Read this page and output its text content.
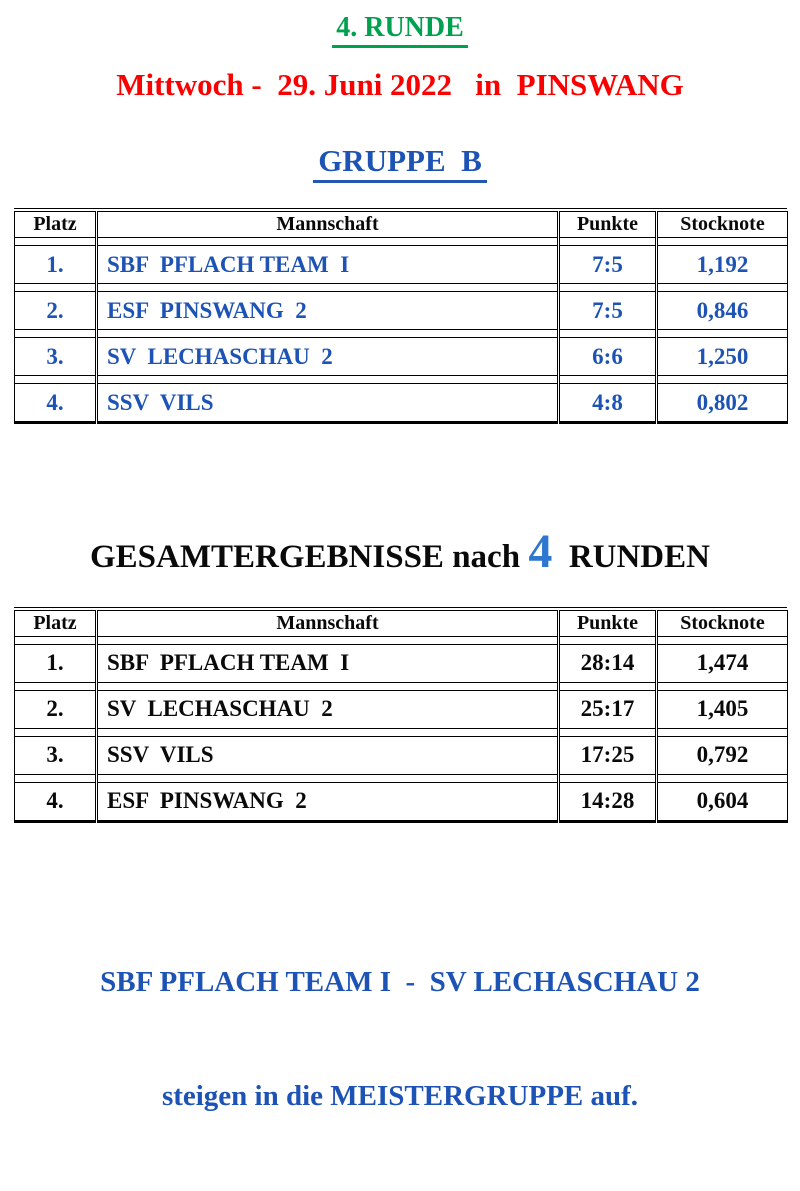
4. RUNDE
Mittwoch -  29. Juni 2022   in  PINSWANG
GRUPPE  B
Platz	Mannschaft	Punkte	Stocknote

1.	SBF  PFLACH TEAM  I	7:5	1,192

2.	ESF  PINSWANG  2	7:5	0,846

3.	SV  LECHASCHAU  2	6:6	1,250

4.	SSV  VILS	4:8	0,802
GESAMTERGEBNISSE nach 4  RUNDEN
Platz	Mannschaft	Punkte	Stocknote

1.	SBF  PFLACH TEAM  I	28:14	1,474

2.	SV  LECHASCHAU  2	25:17	1,405

3.	SSV  VILS	17:25	0,792

4.	ESF  PINSWANG  2	14:28	0,604

SBF PFLACH TEAM I  -  SV LECHASCHAU 2

steigen in die MEISTERGRUPPE auf.
